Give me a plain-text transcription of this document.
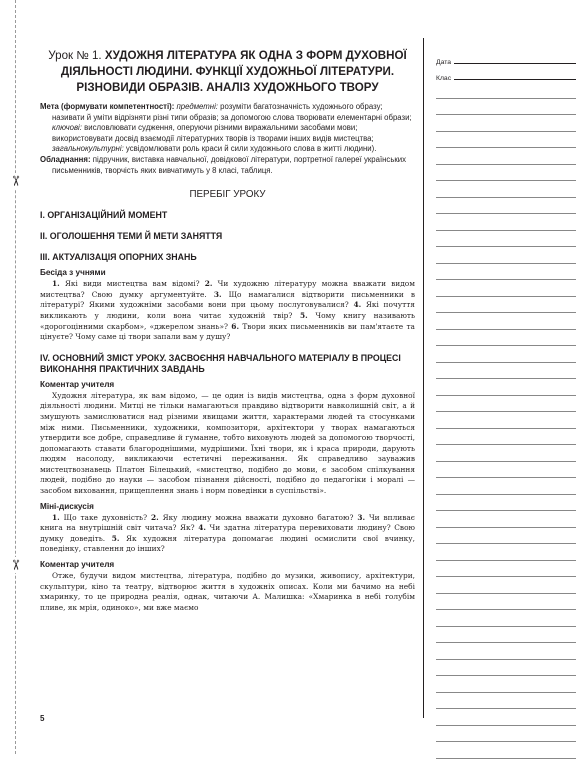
✂
✂
Урок № 1. ХУДОЖНЯ ЛІТЕРАТУРА ЯК ОДНА З ФОРМ ДУХОВНОЇ ДІЯЛЬНОСТІ ЛЮДИНИ. ФУНКЦІЇ ХУДОЖНЬОЇ ЛІТЕРАТУРИ. РІЗНОВИДИ ОБРАЗІВ. АНАЛІЗ ХУДОЖНЬОГО ТВОРУ

Мета (формувати компетентності): предметні: розуміти багатозначність художнього образу; називати й уміти відрізняти різні типи образів; за допомогою слова творювати елементарні образи; ключові: висловлювати судження, оперуючи різними виражальними засобами мови; використовувати досвід взаємодії літературних творів із творами інших видів мистецтва; загальнокультурні: усвідомлювати роль краси й сили художнього слова в житті людини).

Обладнання: підручник, виставка навчальної, довідкової літератури, портретної галереї українських письменників, творчість яких вивчатимуть у 8 класі, таблиця.

ПЕРЕБІГ УРОКУ
I. ОРГАНІЗАЦІЙНИЙ МОМЕНТ
II. ОГОЛОШЕННЯ ТЕМИ Й МЕТИ ЗАНЯТТЯ
III. АКТУАЛІЗАЦІЯ ОПОРНИХ ЗНАНЬ
Бесіда з учнями

1. Які види мистецтва вам відомі? 2. Чи художню літературу можна вважати видом мистецтва? Свою думку аргументуйте. 3. Що намагалися відтворити письменники в літературі? Якими художніми засобами вони при цьому послуговувалися? 4. Які почуття викликають у людини, коли вона читає художній твір? 5. Чому книгу називають «дорогоцінними скарбом», «джерелом знань»? 6. Твори яких письменників ви пам'ятаєте та цінуєте? Чому саме ці твори запали вам у душу?

IV. ОСНОВНИЙ ЗМІСТ УРОКУ. ЗАСВОЄННЯ НАВЧАЛЬНОГО МАТЕРІАЛУ В ПРОЦЕСІ ВИКОНАННЯ ПРАКТИЧНИХ ЗАВДАНЬ
Коментар учителя

Художня література, як вам відомо, — це один із видів мистецтва, одна з форм духовної діяльності людини. Митці не тільки намагаються правдиво відтворити навколишній світ, а й змушують замислюватися над різними явищами життя, характерами людей та стосунками між ними. Письменники, художники, композитори, архітектори у творах намагаються утвердити все добре, справедливе й гуманне, тобто виховують людей за допомогою творчості, допомагають ставати благороднішими, мудрішими. Їхні твори, як і краса природи, дарують людям насолоду, викликаючи естетичні переживання. Як справедливо зауважив мистецтвознавець Платон Білецький, «мистецтво, подібно до мови, є засобом спілкування людей, подібно до науки — засобом пізнання дійсності, подібно до педагогіки і моралі — засобом виховання, прищеплення знань і норм поведінки в суспільстві».

Міні-дискусія

1. Що таке духовність? 2. Яку людину можна вважати духовно багатою? 3. Чи впливає книга на внутрішній світ читача? Як? 4. Чи здатна література перевиховати людину? Свою думку доведіть. 5. Як художня література допомагає людині осмислити свої вчинку, поведінку, ставлення до інших?

Коментар учителя

Отже, будучи видом мистецтва, література, подібно до музики, живопису, архітектури, скульптури, кіно та театру, відтворює життя в художніх описах. Коли ми бачимо на небі хмаринку, то це природна реалія, однак, читаючи А. Малишка: «Хмаринка в небі голубім пливе, як мрія, одиноко», ми вже маємо

Дата
Клас
5
